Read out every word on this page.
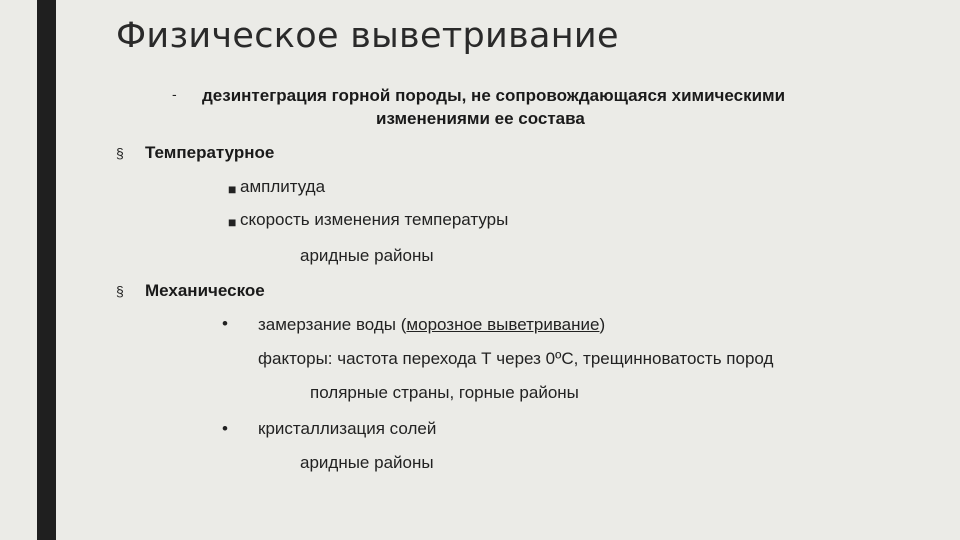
Физическое выветривание
- дезинтеграция горной породы, не сопровождающаяся химическими
изменениями ее состава
§ Температурное
■ амплитуда
■ скорость изменения температуры
аридные районы
§ Механическое
• замерзание воды (морозное выветривание)
факторы: частота перехода Т через 0ºС, трещинноватость пород
полярные страны, горные районы
• кристаллизация солей
аридные районы
